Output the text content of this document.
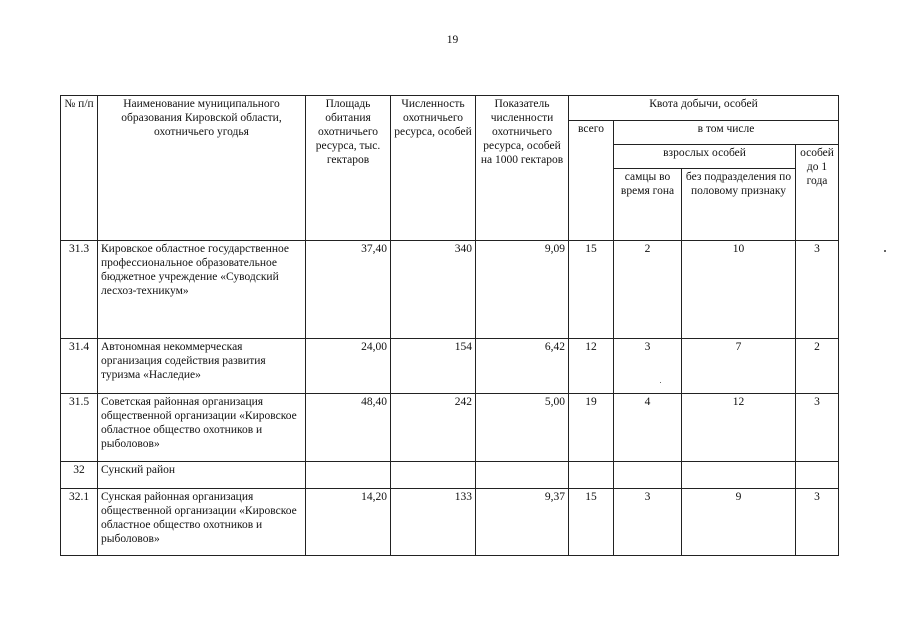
19
№ п/п	Наименование муниципального образования Кировской области, охотничьего угодья	Площадь обитания охотничьего ресурса, тыс. гектаров	Численность охотничьего ресурса, особей	Показатель численности охотничьего ресурса, особей на 1000 гектаров	Квота добычи, особей			
					всего	в том числе		
						взрослых особей		особей до 1 года
						самцы во время гона	без подразделения по половому признаку	
31.3	Кировское областное государственное профессиональное образовательное бюджетное учреждение «Суводский лесхоз-техникум»	37,40	340	9,09	15	2	10	3
31.4	Автономная некоммерческая организация содействия развития туризма «Наследие»	24,00	154	6,42	12	3	7	2
31.5	Советская районная организация общественной организации «Кировское областное общество охотников и рыболовов»	48,40	242	5,00	19	4	12	3
32	Сунский район							
32.1	Сунская районная организация общественной организации «Кировское областное общество охотников и рыболовов»	14,20	133	9,37	15	3	9	3
